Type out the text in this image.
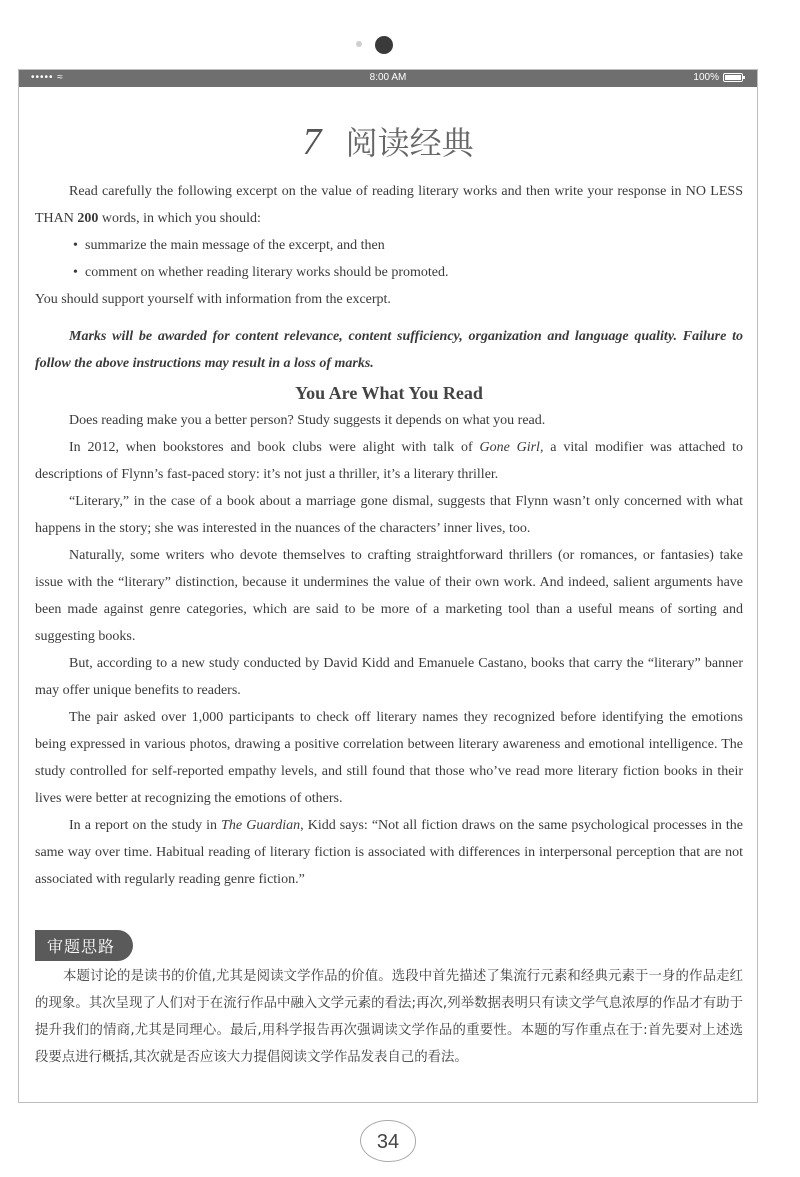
••••• ≈	8:00 AM	100%
7 阅读经典

Read carefully the following excerpt on the value of reading literary works and then write your response in NO LESS THAN 200 words, in which you should:

• summarize the main message of the excerpt, and then
• comment on whether reading literary works should be promoted.

You should support yourself with information from the excerpt.

Marks will be awarded for content relevance, content sufficiency, organization and language quality. Failure to follow the above instructions may result in a loss of marks.

You Are What You Read

Does reading make you a better person? Study suggests it depends on what you read.

In 2012, when bookstores and book clubs were alight with talk of Gone Girl, a vital modifier was attached to descriptions of Flynn’s fast-paced story: it’s not just a thriller, it’s a literary thriller.

“Literary,” in the case of a book about a marriage gone dismal, suggests that Flynn wasn’t only concerned with what happens in the story; she was interested in the nuances of the characters’ inner lives, too.

Naturally, some writers who devote themselves to crafting straightforward thrillers (or romances, or fantasies) take issue with the “literary” distinction, because it undermines the value of their own work. And indeed, salient arguments have been made against genre categories, which are said to be more of a marketing tool than a useful means of sorting and suggesting books.

But, according to a new study conducted by David Kidd and Emanuele Castano, books that carry the “literary” banner may offer unique benefits to readers.

The pair asked over 1,000 participants to check off literary names they recognized before identifying the emotions being expressed in various photos, drawing a positive correlation between literary awareness and emotional intelligence. The study controlled for self-reported empathy levels, and still found that those who’ve read more literary fiction books in their lives were better at recognizing the emotions of others.

In a report on the study in The Guardian, Kidd says: “Not all fiction draws on the same psychological processes in the same way over time. Habitual reading of literary fiction is associated with differences in interpersonal perception that are not associated with regularly reading genre fiction.”

审题思路

本题讨论的是读书的价值,尤其是阅读文学作品的价值。选段中首先描述了集流行元素和经典元素于一身的作品走红的现象。其次呈现了人们对于在流行作品中融入文学元素的看法;再次,列举数据表明只有读文学气息浓厚的作品才有助于提升我们的情商,尤其是同理心。最后,用科学报告再次强调读文学作品的重要性。本题的写作重点在于:首先要对上述选段要点进行概括,其次就是否应该大力提倡阅读文学作品发表自己的看法。

34
